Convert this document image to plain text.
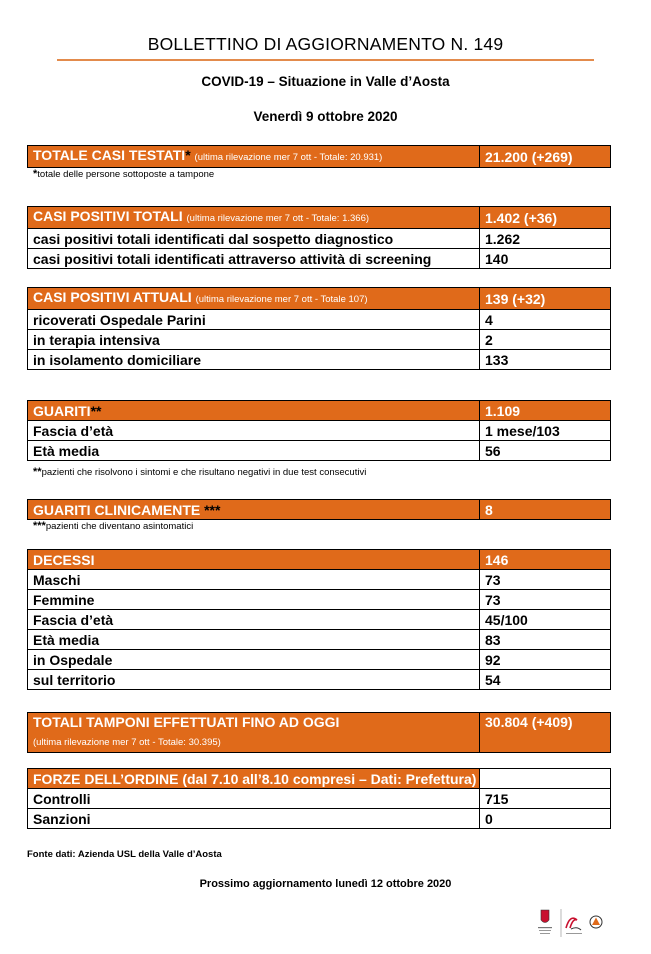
BOLLETTINO DI AGGIORNAMENTO N. 149
COVID-19 – Situazione in Valle d’Aosta
Venerdì 9 ottobre 2020
TOTALE CASI TESTATI* (ultima rilevazione mer 7 ott - Totale: 20.931)	21.200 (+269)
*totale delle persone sottoposte a tampone
CASI POSITIVI TOTALI (ultima rilevazione mer 7 ott - Totale: 1.366)	1.402 (+36)
casi positivi totali identificati dal sospetto diagnostico	1.262
casi positivi totali identificati attraverso attività di screening	140
CASI POSITIVI ATTUALI (ultima rilevazione mer 7 ott - Totale 107)	139 (+32)
ricoverati Ospedale Parini	4
in terapia intensiva	2
in isolamento domiciliare	133
GUARITI**	1.109
Fascia d’età	1 mese/103
Età media	56
**pazienti che risolvono i sintomi e che risultano negativi in due test consecutivi
GUARITI CLINICAMENTE ***	8
***pazienti che diventano asintomatici
DECESSI	146
Maschi	73
Femmine	73
Fascia d’età	45/100
Età media	83
in Ospedale	92
sul territorio	54
TOTALI TAMPONI EFFETTUATI FINO AD OGGI
(ultima rilevazione mer 7 ott - Totale: 30.395)	30.804 (+409)
FORZE DELL’ORDINE (dal 7.10 all’8.10 compresi – Dati: Prefettura)	
Controlli	715
Sanzioni	0
Fonte dati: Azienda USL della Valle d’Aosta
Prossimo aggiornamento lunedì 12 ottobre 2020
